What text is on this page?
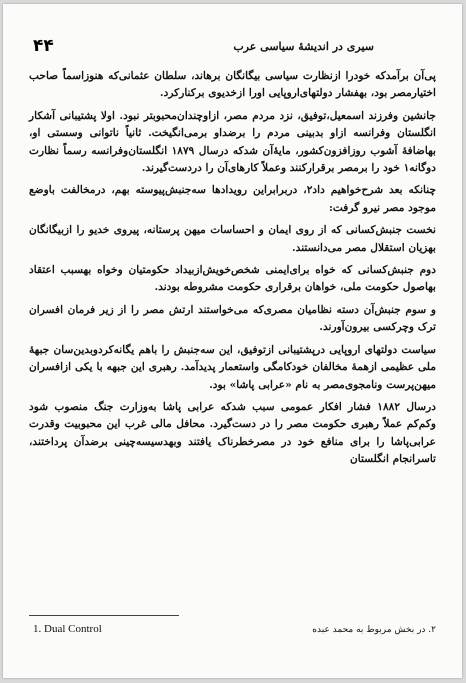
۴۴	سیری در اندیشهٔ سیاسی عرب

پی‌آن برآمدکه خودرا ازنظارت سیاسی بیگانگان برهاند، سلطان عثمانی‌که هنوزاسماً صاحب اختیارمصر بود، بهفشار دولتهای‌اروپایی اورا ازخدیوی برکنارکرد.

جانشین وفرزند اسمعیل،توفیق، نزد مردم مصر، ازاوچندان‌محبوبتر نبود. اولا پشتیبانی آشکار انگلستان وفرانسه ازاو بدبینی مردم را برضداو برمی‌انگیخت. ثانیاً ناتوانی وسستی او، بهاضافهٔ آشوب روزافزون‌کشور، مایهٔ‌آن شدکه درسال ۱۸۷۹ انگلستان‌وفرانسه رسماً نظارت دوگانه‌۱ خود را برمصر برقرارکنند وعملاً کارهای‌آن را دردست‌گیرند.

چنانکه بعد شرح‌خواهیم داد۲، دربرابراین رویدادها سه‌جنبش‌پیوسته بهم، درمخالفت باوضع موجود مصر نیرو گرفت:

نخست جنبش‌کسانی که از روی ایمان و احساسات میهن‌ پرستانه، پیروی خدیو را ازبیگانگان بهزیان استقلال مصر می‌دانستند.

دوم جنبش‌کسانی که خواه برای‌ایمنی شخص‌خویش‌ازبیداد حکومتیان وخواه بهسبب اعتقاد بهاصول حکومت ملی، خواهان برقراری حکومت مشروطه بودند.

و سوم جنبش‌آن دسته نظامیان مصری‌که می‌خواستند ارتش مصر را از زیر فرمان افسران ترک وچرکسی بیرون‌آورند.

سیاست دولتهای اروپایی درپشتیبانی ازتوفیق، این سه‌جنبش را باهم یگانه‌کردوبدین‌سان جبههٔ ملی عظیمی ازهمهٔ مخالفان خودکامگی واستعمار پدیدآمد. رهبری این جبهه با یکی ازافسران میهن‌پرست ونامجوی‌مصر به نام «عرابی پاشا» بود.

درسال ۱۸۸۲ فشار افکار عمومی سبب شدکه عرابی پاشا به‌وزارت جنگ منصوب شود وکم‌کم عملاً رهبری حکومت مصر را در دست‌گیرد. محافل مالی غرب این محبوبیت وقدرت عرابی‌پاشا را برای منافع خود در مصرخطرناک یافتند وبهدسیسه‌چینی برضدآن پرداختند، تاسرانجام انگلستان

1. Dual Control	۲. در بخش مربوط به محمد عبده
